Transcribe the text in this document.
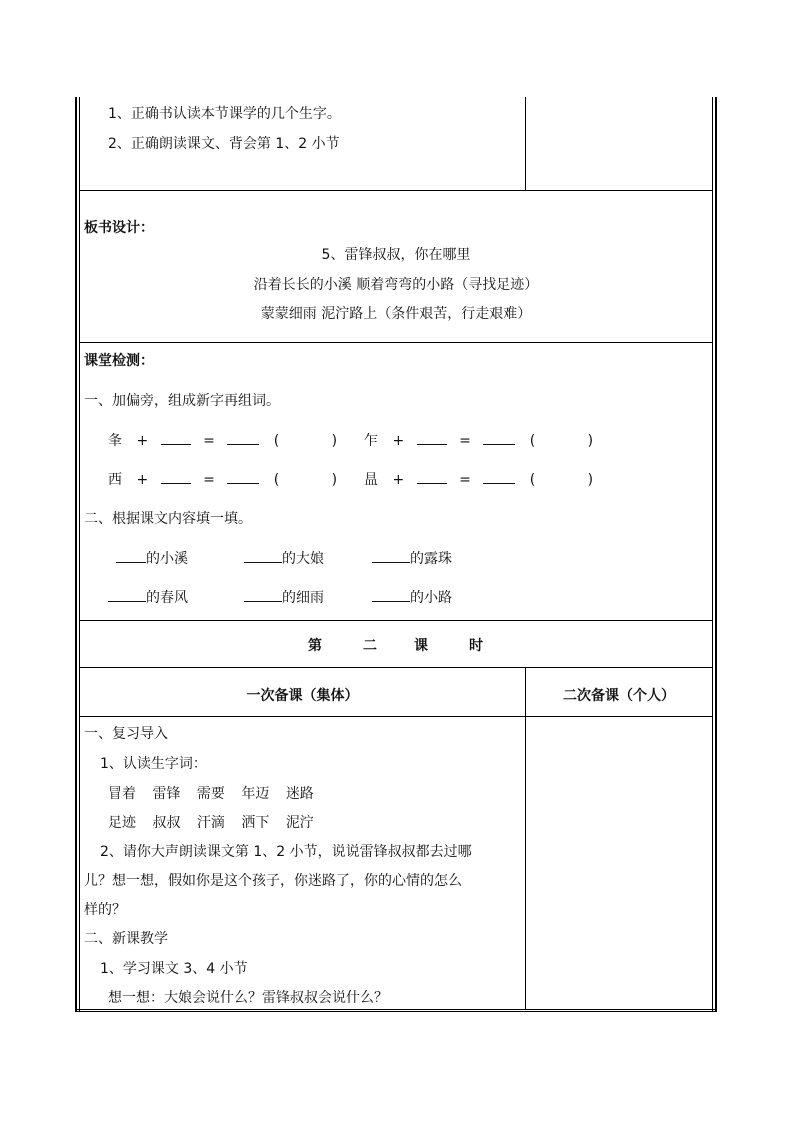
1、正确书认读本节课学的几个生字。
2、正确朗读课文、背会第 1、2 小节
板书设计：
5、雷锋叔叔，你在哪里
沿着长长的小溪 顺着弯弯的小路（寻找足迹）
蒙蒙细雨 泥泞路上（条件艰苦，行走艰难）
课堂检测：
一、加偏旁，组成新字再组词。
夆 +	=	(	) 乍 +	=	(	)
西 +	=	(	) 昷 +	=	(	)
二、根据课文内容填一填。
的小溪	的大娘	的露珠
的春风	的细雨	的小路
第	二	课	时
一次备课（集体）	二次备课（个人）
一、复习导入
1、认读生字词：
冒着 雷锋 需要 年迈 迷路
足迹 叔叔 汗滴 洒下 泥泞
2、请你大声朗读课文第 1、2 小节，说说雷锋叔叔都去过哪
儿？想一想，假如你是这个孩子，你迷路了，你的心情的怎么
样的？
二、新课教学
1、学习课文 3、4 小节
想一想：大娘会说什么？雷锋叔叔会说什么？
